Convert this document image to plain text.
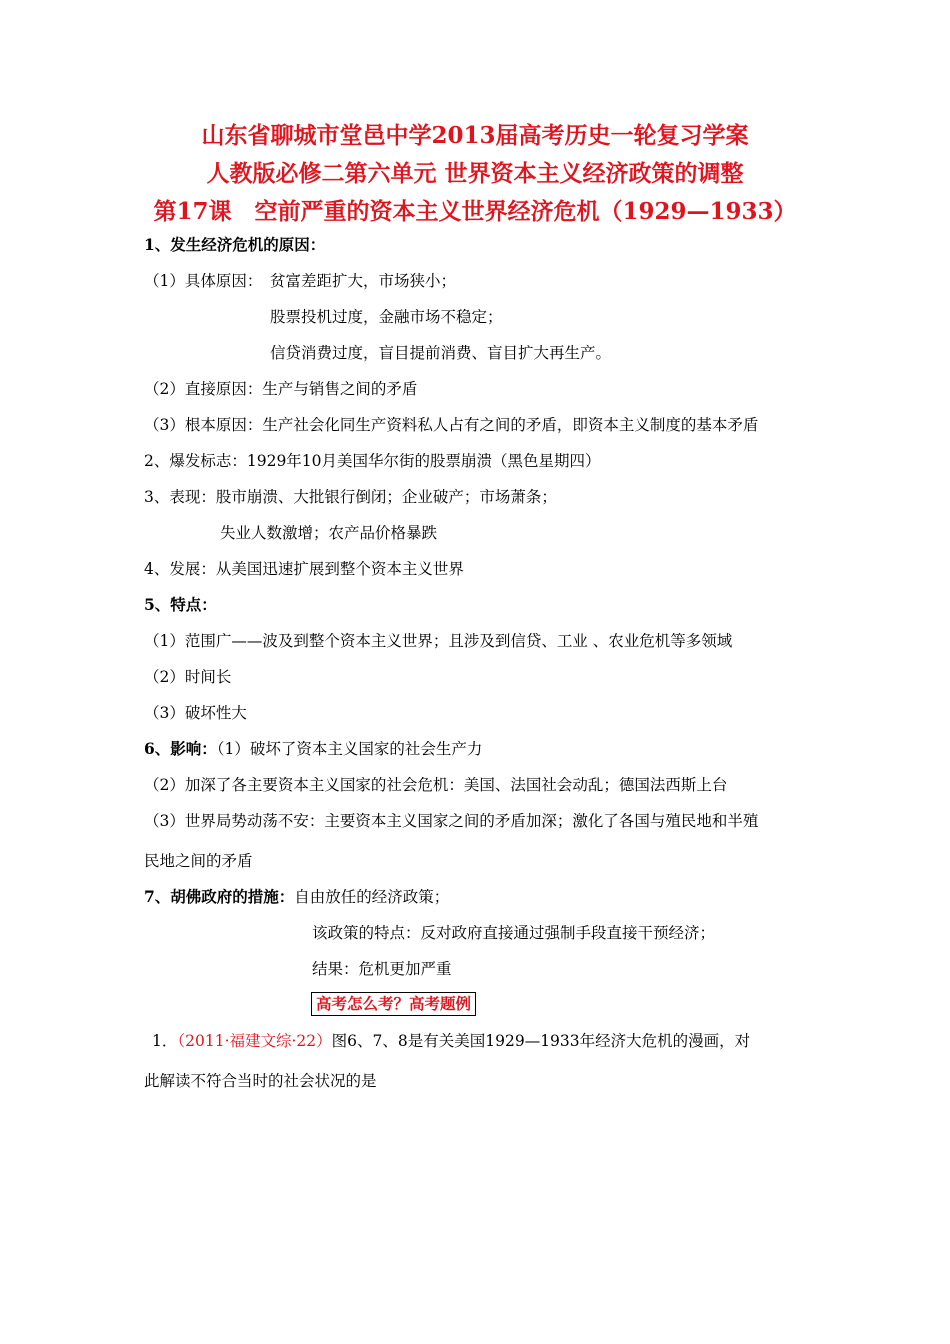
山东省聊城市堂邑中学2013届高考历史一轮复习学案
人教版必修二第六单元 世界资本主义经济政策的调整
第17课　空前严重的资本主义世界经济危机（1929—1933）
1、发生经济危机的原因：
（1）具体原因： 贫富差距扩大，市场狭小；
股票投机过度，金融市场不稳定；
信贷消费过度，盲目提前消费、盲目扩大再生产。
（2）直接原因：生产与销售之间的矛盾
（3）根本原因：生产社会化同生产资料私人占有之间的矛盾，即资本主义制度的基本矛盾
2、爆发标志：1929年10月美国华尔街的股票崩溃（黑色星期四）
3、表现：股市崩溃、大批银行倒闭；企业破产；市场萧条；
失业人数激增；农产品价格暴跌
4、发展：从美国迅速扩展到整个资本主义世界
5、特点：
（1）范围广——波及到整个资本主义世界；且涉及到信贷、工业 、农业危机等多领域
（2）时间长
（3）破坏性大
6、影响：（1）破坏了资本主义国家的社会生产力
（2）加深了各主要资本主义国家的社会危机：美国、法国社会动乱；德国法西斯上台
（3）世界局势动荡不安：主要资本主义国家之间的矛盾加深；激化了各国与殖民地和半殖
民地之间的矛盾
7、胡佛政府的措施：自由放任的经济政策；
该政策的特点：反对政府直接通过强制手段直接干预经济；
结果：危机更加严重
高考怎么考？高考题例
1．（2011·福建文综·22）图6、7、8是有关美国1929—1933年经济大危机的漫画，对
此解读不符合当时的社会状况的是
